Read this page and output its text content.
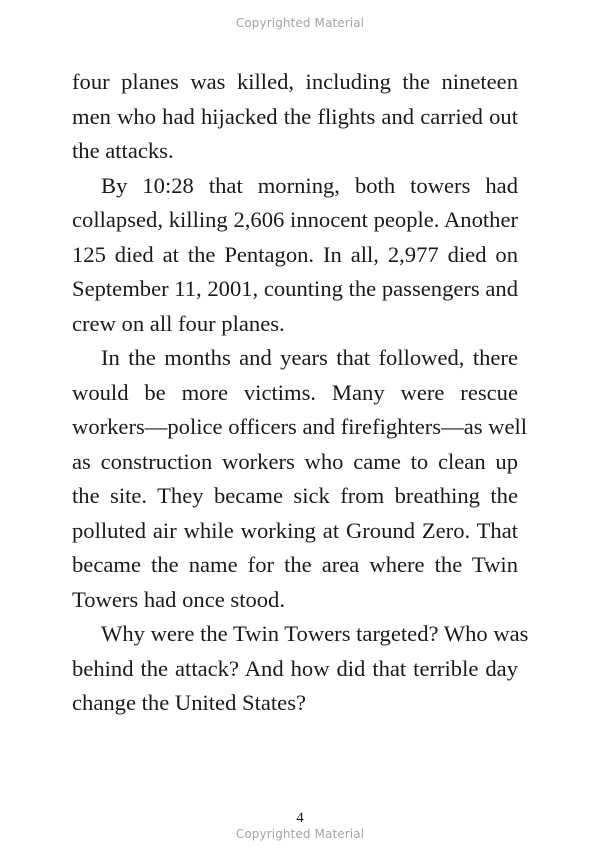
Copyrighted Material
four planes was killed, including the nineteen
men who had hijacked the flights and carried out
the attacks.
By 10:28 that morning, both towers had
collapsed, killing 2,606 innocent people. Another
125 died at the Pentagon. In all, 2,977 died on
September 11, 2001, counting the passengers and
crew on all four planes.
In the months and years that followed, there
would be more victims. Many were rescue
workers—police officers and firefighters—as well
as construction workers who came to clean up
the site. They became sick from breathing the
polluted air while working at Ground Zero. That
became the name for the area where the Twin
Towers had once stood.
Why were the Twin Towers targeted? Who was
behind the attack? And how did that terrible day
change the United States?
4
Copyrighted Material
